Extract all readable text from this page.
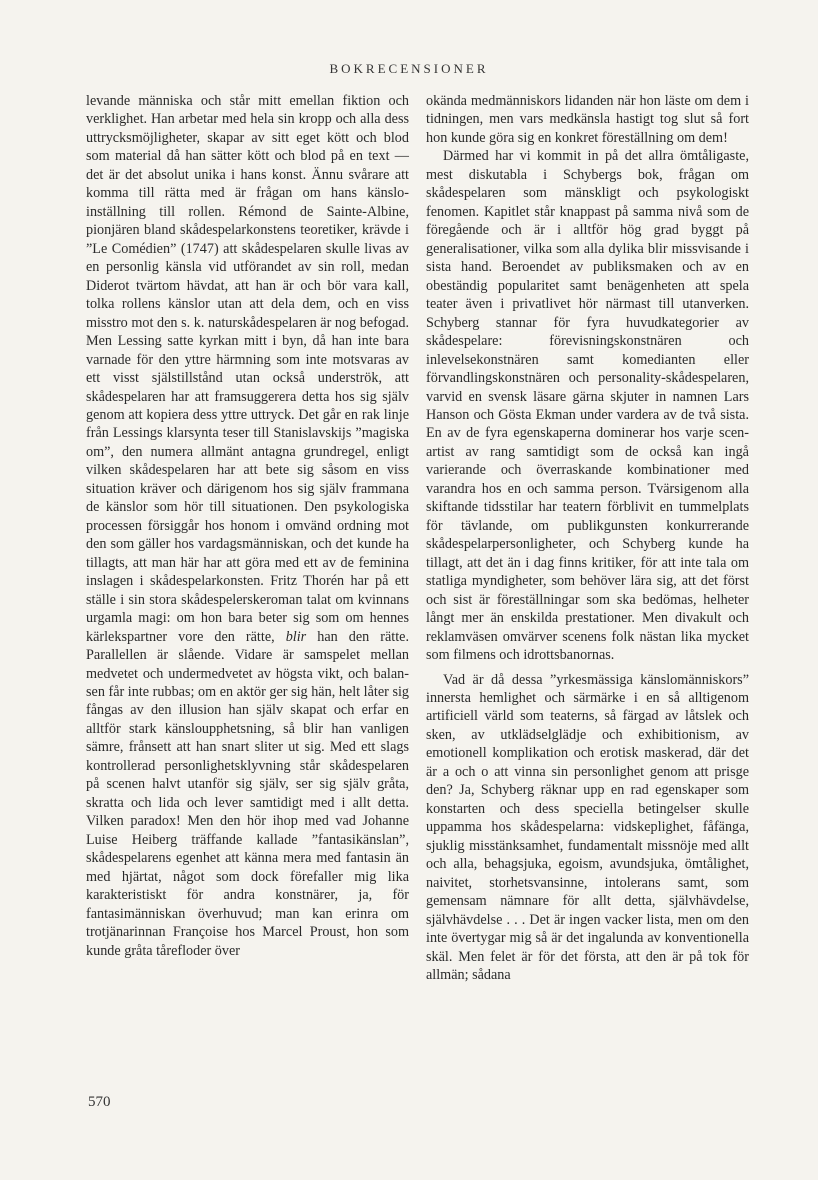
BOKRECENSIONER

levande människa och står mitt emellan fiktion och verklighet. Han arbetar med hela sin kropp och alla dess uttrycksmöjligheter, skapar av sitt eget kött och blod som material då han sätter kött och blod på en text — det är det absolut unika i hans konst. Ännu svårare att komma till rätta med är frågan om hans känsloinställning till rollen. Rémond de Sainte-Albine, pionjären bland skådespelarkonstens teoretiker, krävde i ”Le Comédien” (1747) att skådespelaren skulle livas av en personlig känsla vid utförandet av sin roll, medan Diderot tvärtom hävdat, att han är och bör vara kall, tolka rollens känslor utan att dela dem, och en viss misstro mot den s. k. naturskådespelaren är nog befogad. Men Lessing satte kyrkan mitt i byn, då han inte bara varnade för den yttre härmning som inte motsvaras av ett visst själstillstånd utan också underströk, att skådespelaren har att framsuggerera detta hos sig själv genom att kopiera dess yttre uttryck. Det går en rak linje från Lessings klarsynta teser till Stanislavskijs ”magiska om”, den numera allmänt antagna grundregel, enligt vilken skådespelaren har att bete sig såsom en viss situation kräver och därigenom hos sig själv frammana de känslor som hör till situationen. Den psykologiska processen försiggår hos honom i omvänd ordning mot den som gäller hos vardagsmänniskan, och det kunde ha tillagts, att man här har att göra med ett av de feminina inslagen i skådespelarkonsten. Fritz Thorén har på ett ställe i sin stora skådespelerskeroman talat om kvinnans urgamla magi: om hon bara beter sig som om hennes kärlekspartner vore den rätte, blir han den rätte. Parallellen är slående. Vidare är samspelet mellan medvetet och undermedvetet av högsta vikt, och balansen får inte rubbas; om en aktör ger sig hän, helt låter sig fångas av den illusion han själv skapat och erfar en alltför stark känsloupphetsning, så blir han vanligen sämre, frånsett att han snart sliter ut sig. Med ett slags kontrollerad personlighetsklyvning står skådespelaren på scenen halvt utanför sig själv, ser sig själv gråta, skratta och lida och lever samtidigt med i allt detta. Vilken paradox! Men den hör ihop med vad Johanne Luise Heiberg träffande kallade ”fantasikänslan”, skådespelarens egenhet att känna mera med fantasin än med hjärtat, något som dock förefaller mig lika karakteristiskt för andra konstnärer, ja, för fantasimänniskan överhuvud; man kan erinra om trotjänarinnan Françoise hos Marcel Proust, hon som kunde gråta tårefloder över

okända medmänniskors lidanden när hon läste om dem i tidningen, men vars medkänsla hastigt tog slut så fort hon kunde göra sig en konkret föreställning om dem!

Därmed har vi kommit in på det allra ömtåligaste, mest diskutabla i Schybergs bok, frågan om skådespelaren som mänskligt och psykologiskt fenomen. Kapitlet står knappast på samma nivå som de föregående och är i alltför hög grad byggt på generalisationer, vilka som alla dylika blir missvisande i sista hand. Beroendet av publiksmaken och av en obeständig popularitet samt benägenheten att spela teater även i privatlivet hör närmast till utanverken. Schyberg stannar för fyra huvudkategorier av skådespelare: förevisningskonstnären och inlevelsekonstnären samt komedianten eller förvandlingskonstnären och personality-skådespelaren, varvid en svensk läsare gärna skjuter in namnen Lars Hanson och Gösta Ekman under vardera av de två sista. En av de fyra egenskaperna dominerar hos varje scenartist av rang samtidigt som de också kan ingå varierande och överraskande kombinationer med varandra hos en och samma person. Tvärsigenom alla skiftande tidsstilar har teatern förblivit en tummelplats för tävlande, om publikgunsten konkurrerande skådespelarpersonligheter, och Schyberg kunde ha tillagt, att det än i dag finns kritiker, för att inte tala om statliga myndigheter, som behöver lära sig, att det först och sist är föreställningar som ska bedömas, helheter långt mer än enskilda prestationer. Men divakult och reklamväsen omvärver scenens folk nästan lika mycket som filmens och idrottsbanornas.

Vad är då dessa ”yrkesmässiga känslomänniskors” innersta hemlighet och särmärke i en så alltigenom artificiell värld som teaterns, så färgad av låtslek och sken, av utklädselglädje och exhibitionism, av emotionell komplikation och erotisk maskerad, där det är a och o att vinna sin personlighet genom att prisge den? Ja, Schyberg räknar upp en rad egenskaper som konstarten och dess speciella betingelser skulle uppamma hos skådespelarna: vidskeplighet, fåfänga, sjuklig misstänksamhet, fundamentalt missnöje med allt och alla, behagsjuka, egoism, avundsjuka, ömtålighet, naivitet, storhetsvansinne, intolerans samt, som gemensam nämnare för allt detta, självhävdelse, självhävdelse . . . Det är ingen vacker lista, men om den inte övertygar mig så är det ingalunda av konventionella skäl. Men felet är för det första, att den är på tok för allmän; sådana

570
